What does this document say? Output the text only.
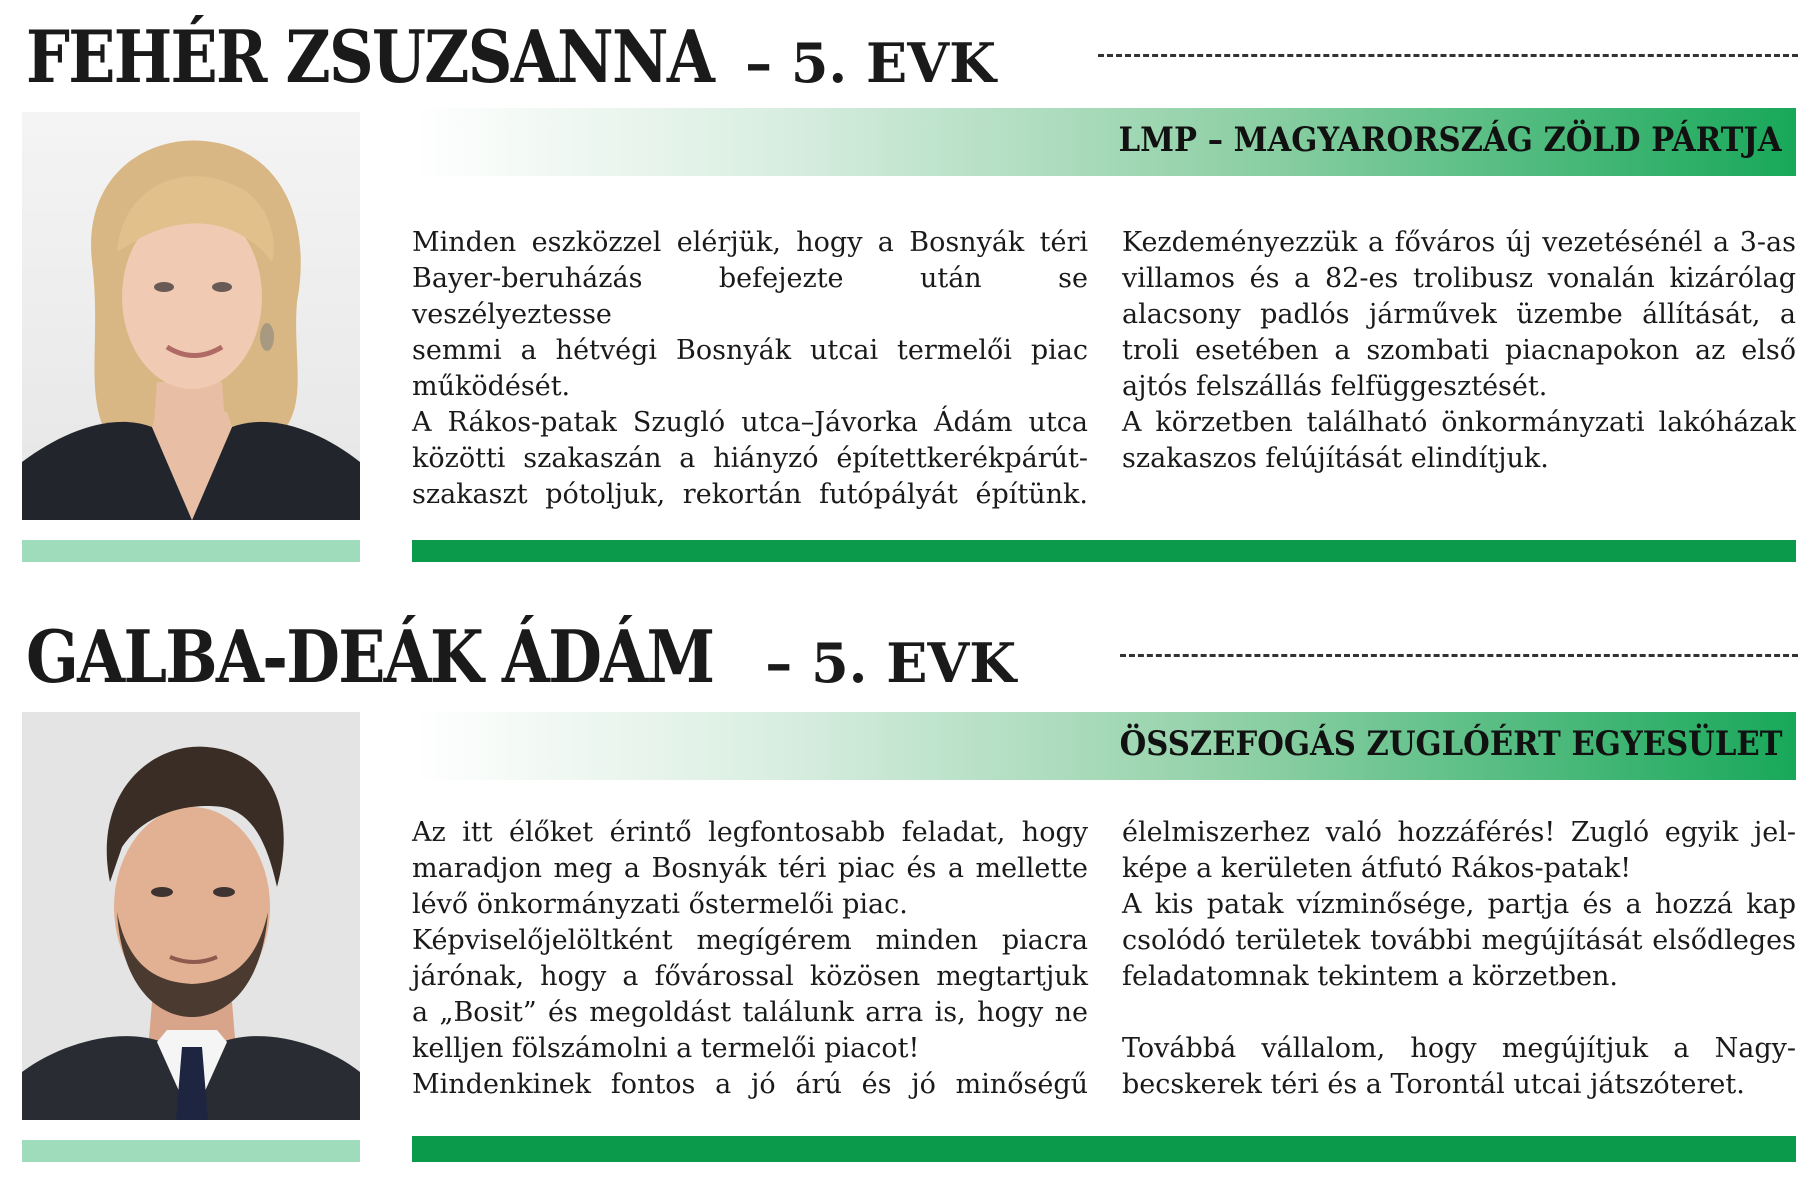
FEHÉR ZSUZSANNA – 5. EVK
LMP – MAGYARORSZÁG ZÖLD PÁRTJA

Minden eszközzel elérjük, hogy a Bosnyák téri

Bayer-beruházás befejezte után se veszélyeztesse

semmi a hétvégi Bosnyák utcai termelői piac

működését.

A Rákos-patak Szugló utca–Jávorka Ádám utca

közötti szakaszán a hiányzó építettkerékpárút-

szakaszt pótoljuk, rekortán futópályát építünk.

Kezdeményezzük a főváros új vezetésénél a 3-as

villamos és a 82-es trolibusz vonalán kizárólag

alacsony padlós járművek üzembe állítását, a

troli esetében a szombati piacnapokon az első

ajtós felszállás felfüggesztését.

A körzetben található önkormányzati lakóházak

szakaszos felújítását elindítjuk.

GALBA-DEÁK ÁDÁM – 5. EVK
ÖSSZEFOGÁS ZUGLÓÉRT EGYESÜLET

Az itt élőket érintő legfontosabb feladat, hogy

maradjon meg a Bosnyák téri piac és a mellette

lévő önkormányzati őstermelői piac.

Képviselőjelöltként megígérem minden piacra

járónak, hogy a fővárossal közösen megtartjuk

a „Bosit” és megoldást találunk arra is, hogy ne

kelljen fölszámolni a termelői piacot!

Mindenkinek fontos a jó árú és jó minőségű

élelmiszerhez való hozzáférés! Zugló egyik jel-

képe a kerületen átfutó Rákos-patak!

A kis patak vízminősége, partja és a hozzá kap

csolódó területek további megújítását elsődleges

feladatomnak tekintem a körzetben.

Továbbá vállalom, hogy megújítjuk a Nagy-

becskerek téri és a Torontál utcai játszóteret.
